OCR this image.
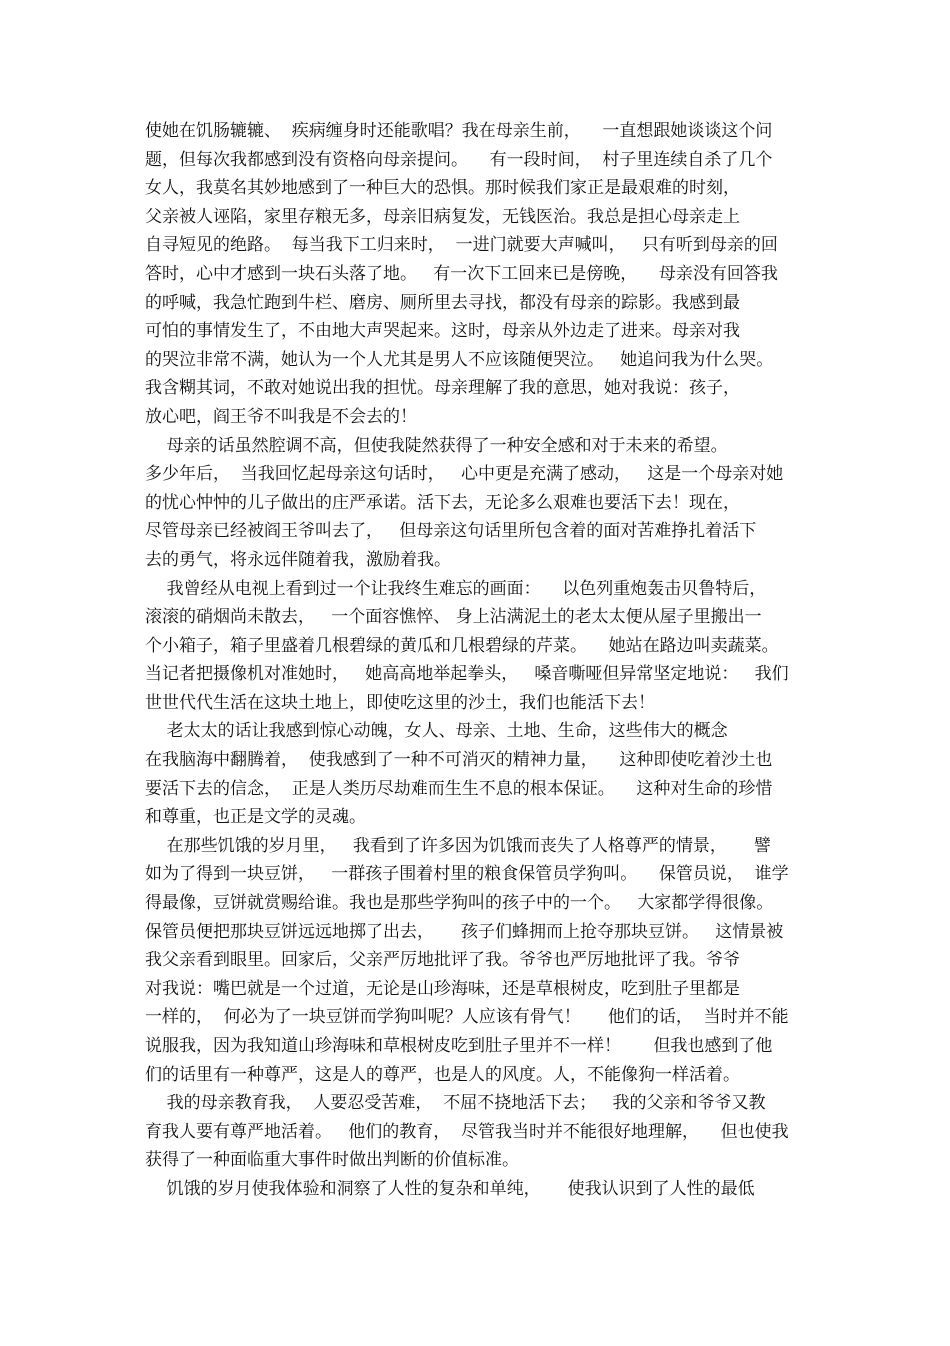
使她在饥肠辘辘、  疾病缠身时还能歌唱？我在母亲生前，    一直想跟她谈谈这个问
题，但每次我都感到没有资格向母亲提问。    有一段时间，  村子里连续自杀了几个
女人，我莫名其妙地感到了一种巨大的恐惧。那时候我们家正是最艰难的时刻，
父亲被人诬陷，家里存粮无多，母亲旧病复发，无钱医治。我总是担心母亲走上
自寻短见的绝路。  每当我下工归来时，  一进门就要大声喊叫，   只有听到母亲的回
答时，心中才感到一块石头落了地。   有一次下工回来已是傍晚，    母亲没有回答我
的呼喊，我急忙跑到牛栏、磨房、厕所里去寻找，都没有母亲的踪影。我感到最
可怕的事情发生了，不由地大声哭起来。这时，母亲从外边走了进来。母亲对我
的哭泣非常不满，她认为一个人尤其是男人不应该随便哭泣。   她追问我为什么哭。
我含糊其词，不敢对她说出我的担忧。母亲理解了我的意思，她对我说：孩子，
放心吧，阎王爷不叫我是不会去的！
母亲的话虽然腔调不高，但使我陡然获得了一种安全感和对于未来的希望。
多少年后，  当我回忆起母亲这句话时，   心中更是充满了感动，   这是一个母亲对她
的忧心忡忡的儿子做出的庄严承诺。活下去，无论多么艰难也要活下去！现在，
尽管母亲已经被阎王爷叫去了，   但母亲这句话里所包含着的面对苦难挣扎着活下
去的勇气，将永远伴随着我，激励着我。
我曾经从电视上看到过一个让我终生难忘的画面：    以色列重炮轰击贝鲁特后，
滚滚的硝烟尚未散去，   一个面容憔悴、 身上沾满泥土的老太太便从屋子里搬出一
个小箱子，箱子里盛着几根碧绿的黄瓜和几根碧绿的芹菜。    她站在路边叫卖蔬菜。
当记者把摄像机对准她时，   她高高地举起拳头，   嗓音嘶哑但异常坚定地说：   我们
世世代代生活在这块土地上，即使吃这里的沙土，我们也能活下去！
老太太的话让我感到惊心动魄，女人、母亲、土地、生命，这些伟大的概念
在我脑海中翻腾着，  使我感到了一种不可消灭的精神力量，    这种即使吃着沙土也
要活下去的信念，  正是人类历尽劫难而生生不息的根本保证。    这种对生命的珍惜
和尊重，也正是文学的灵魂。
在那些饥饿的岁月里，   我看到了许多因为饥饿而丧失了人格尊严的情景，     譬
如为了得到一块豆饼，   一群孩子围着村里的粮食保管员学狗叫。    保管员说，  谁学
得最像，豆饼就赏赐给谁。我也是那些学狗叫的孩子中的一个。   大家都学得很像。
保管员便把那块豆饼远远地掷了出去，     孩子们蜂拥而上抢夺那块豆饼。   这情景被
我父亲看到眼里。回家后，父亲严厉地批评了我。爷爷也严厉地批评了我。爷爷
对我说：嘴巴就是一个过道，无论是山珍海味，还是草根树皮，吃到肚子里都是
一样的，  何必为了一块豆饼而学狗叫呢？人应该有骨气！     他们的话，  当时并不能
说服我，因为我知道山珍海味和草根树皮吃到肚子里并不一样！      但我也感到了他
们的话里有一种尊严，这是人的尊严，也是人的风度。人，不能像狗一样活着。
我的母亲教育我，  人要忍受苦难，  不屈不挠地活下去；   我的父亲和爷爷又教
育我人要有尊严地活着。   他们的教育，  尽管我当时并不能很好地理解，    但也使我
获得了一种面临重大事件时做出判断的价值标准。
饥饿的岁月使我体验和洞察了人性的复杂和单纯，     使我认识到了人性的最低
